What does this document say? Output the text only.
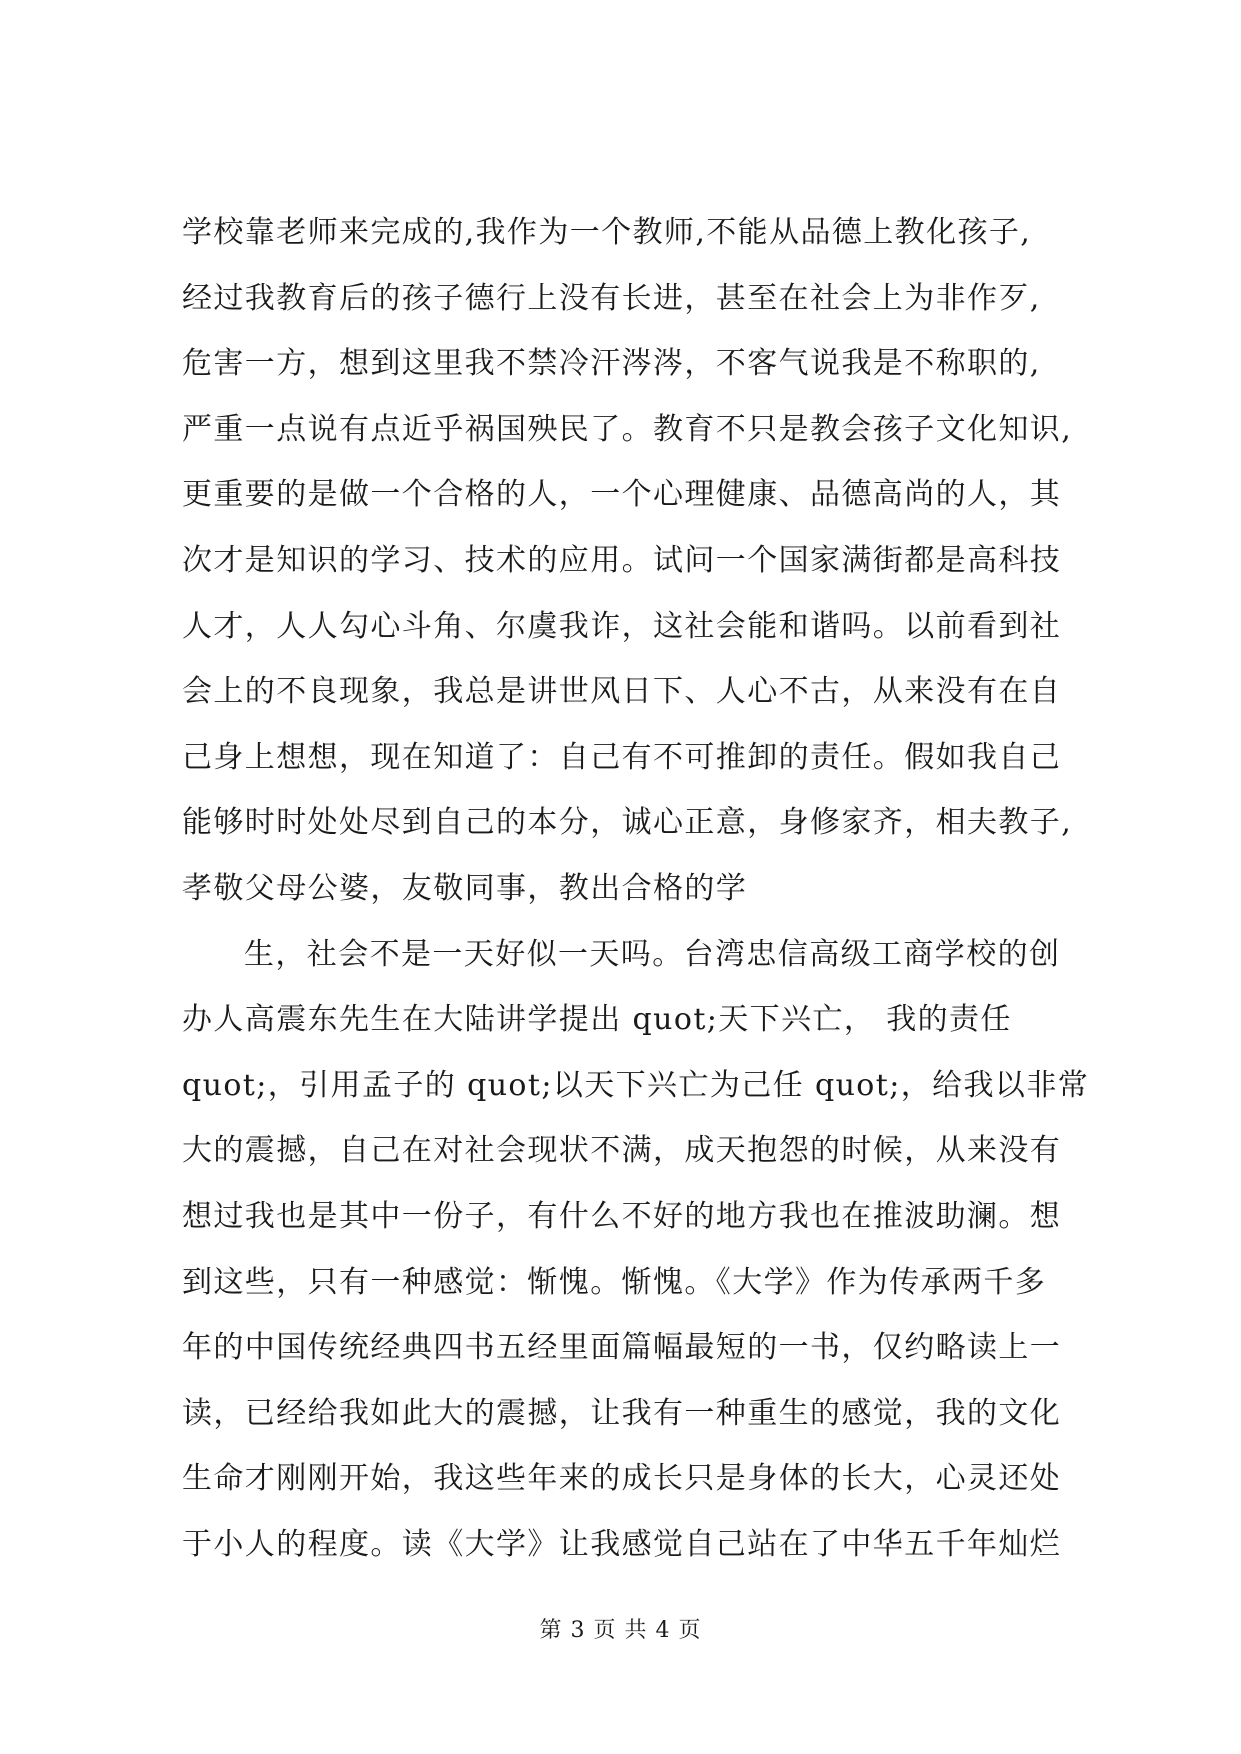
学校靠老师来完成的,我作为一个教师,不能从品德上教化孩子,
经过我教育后的孩子德行上没有长进，甚至在社会上为非作歹,
危害一方，想到这里我不禁冷汗涔涔，不客气说我是不称职的,
严重一点说有点近乎祸国殃民了。教育不只是教会孩子文化知识,
更重要的是做一个合格的人，一个心理健康、品德高尚的人，其
次才是知识的学习、技术的应用。试问一个国家满街都是高科技
人才，人人勾心斗角、尔虞我诈，这社会能和谐吗。以前看到社
会上的不良现象，我总是讲世风日下、人心不古，从来没有在自
己身上想想，现在知道了：自己有不可推卸的责任。假如我自己
能够时时处处尽到自己的本分，诚心正意，身修家齐，相夫教子,
孝敬父母公婆，友敬同事，教出合格的学
生，社会不是一天好似一天吗。台湾忠信高级工商学校的创
办人高震东先生在大陆讲学提出 quot;天下兴亡， 我的责任
quot;，引用孟子的 quot;以天下兴亡为己任 quot;，给我以非常
大的震撼，自己在对社会现状不满，成天抱怨的时候，从来没有
想过我也是其中一份子，有什么不好的地方我也在推波助澜。想
到这些，只有一种感觉：惭愧。惭愧。《大学》作为传承两千多
年的中国传统经典四书五经里面篇幅最短的一书，仅约略读上一
读，已经给我如此大的震撼，让我有一种重生的感觉，我的文化
生命才刚刚开始，我这些年来的成长只是身体的长大，心灵还处
于小人的程度。读《大学》让我感觉自己站在了中华五千年灿烂
第 3 页 共 4 页
